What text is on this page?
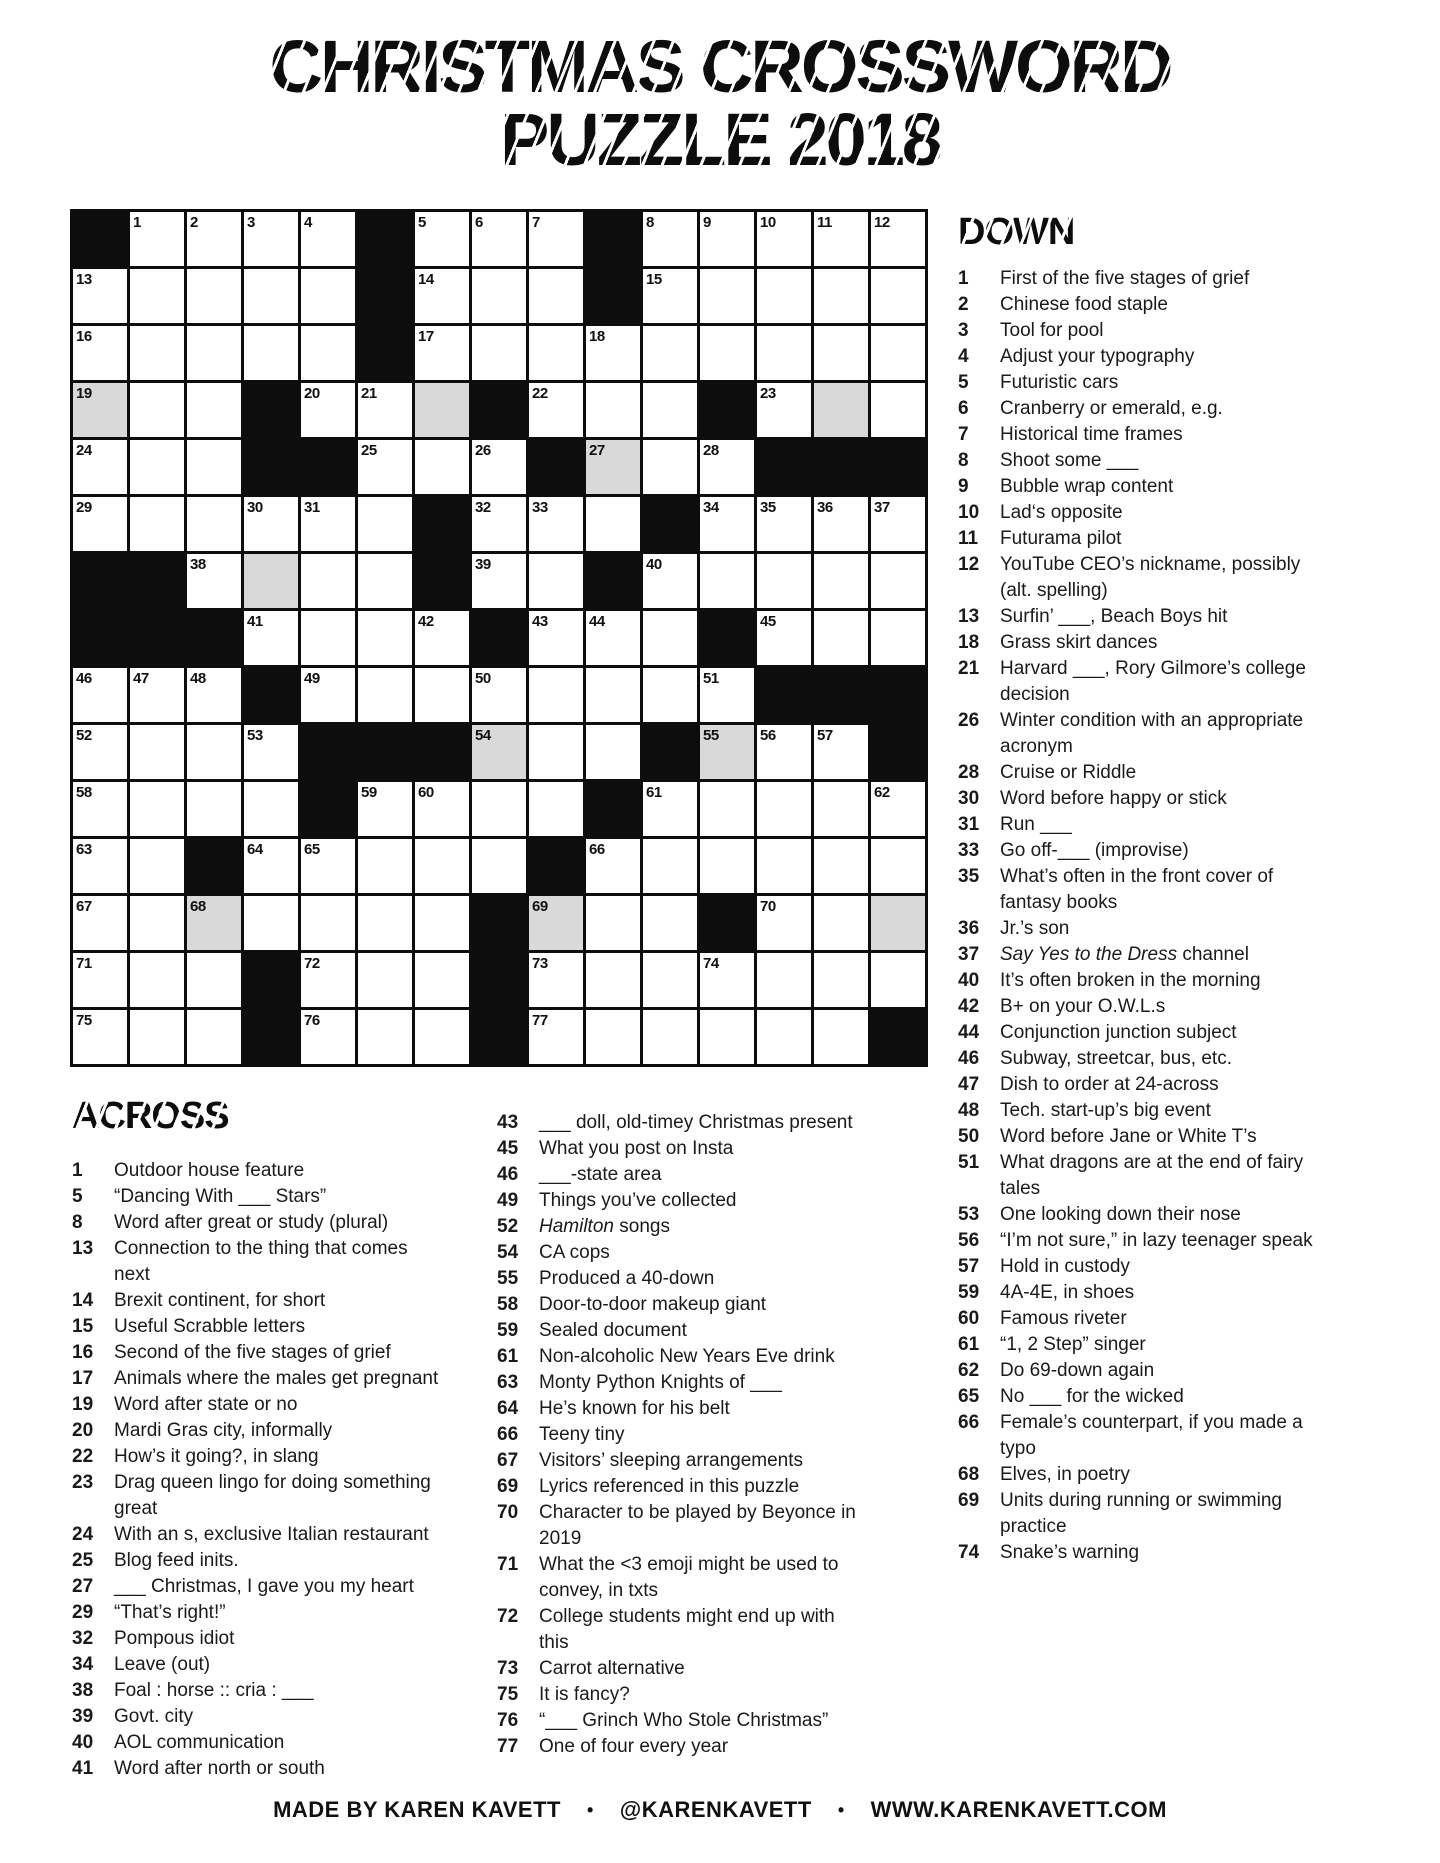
CHRISTMAS CROSSWORD
PUZZLE 2018
1	2	3	4	5	6	7	8	9	10	11	12
13	14	15
16	17	18
19	20	21	22	23
24	25	26	27	28
29	30	31	32	33	34	35	36	37
38	39	40
41	42	43	44	45
46	47	48	49	50	51
52	53	54	55	56	57
58	59	60	61	62
63	64	65	66
67	68	69	70
71	72	73	74
75	76	77
DOWN
1	First of the five stages of grief
2	Chinese food staple
3	Tool for pool
4	Adjust your typography
5	Futuristic cars
6	Cranberry or emerald, e.g.
7	Historical time frames
8	Shoot some ___
9	Bubble wrap content
10	Lad‘s opposite
11	Futurama pilot
12	YouTube CEO’s nickname, possibly
(alt. spelling)
13	Surfin’ ___, Beach Boys hit
18	Grass skirt dances
21	Harvard ___, Rory Gilmore’s college
decision
26	Winter condition with an appropriate
acronym
28	Cruise or Riddle
30	Word before happy or stick
31	Run ___
33	Go off-___ (improvise)
35	What’s often in the front cover of
fantasy books
36	Jr.’s son
37	Say Yes to the Dress channel
40	It’s often broken in the morning
42	B+ on your O.W.L.s
44	Conjunction junction subject
46	Subway, streetcar, bus, etc.
47	Dish to order at 24-across
48	Tech. start-up’s big event
50	Word before Jane or White T’s
51	What dragons are at the end of fairy
tales
53	One looking down their nose
56	“I’m not sure,” in lazy teenager speak
57	Hold in custody
59	4A-4E, in shoes
60	Famous riveter
61	“1, 2 Step” singer
62	Do 69-down again
65	No ___ for the wicked
66	Female’s counterpart, if you made a
typo
68	Elves, in poetry
69	Units during running or swimming
practice
74	Snake’s warning
ACROSS
1	Outdoor house feature
5	“Dancing With ___ Stars”
8	Word after great or study (plural)
13	Connection to the thing that comes
next
14	Brexit continent, for short
15	Useful Scrabble letters
16	Second of the five stages of grief
17	Animals where the males get pregnant
19	Word after state or no
20	Mardi Gras city, informally
22	How’s it going?, in slang
23	Drag queen lingo for doing something
great
24	With an s, exclusive Italian restaurant
25	Blog feed inits.
27	___ Christmas, I gave you my heart
29	“That’s right!”
32	Pompous idiot
34	Leave (out)
38	Foal : horse :: cria : ___
39	Govt. city
40	AOL communication
41	Word after north or south
43	___ doll, old-timey Christmas present
45	What you post on Insta
46	___-state area
49	Things you’ve collected
52	Hamilton songs
54	CA cops
55	Produced a 40-down
58	Door-to-door makeup giant
59	Sealed document
61	Non-alcoholic New Years Eve drink
63	Monty Python Knights of ___
64	He’s known for his belt
66	Teeny tiny
67	Visitors’ sleeping arrangements
69	Lyrics referenced in this puzzle
70	Character to be played by Beyonce in
2019
71	What the <3 emoji might be used to
convey, in txts
72	College students might end up with
this
73	Carrot alternative
75	It is fancy?
76	“___ Grinch Who Stole Christmas”
77	One of four every year
MADE BY KAREN KAVETT • @KARENKAVETT • WWW.KARENKAVETT.COM
